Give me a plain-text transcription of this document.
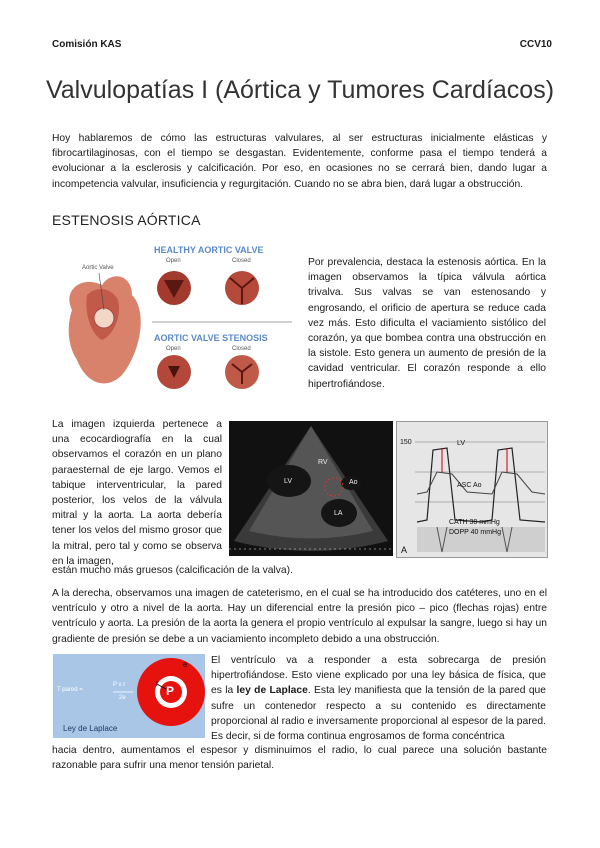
Comisión KAS	CCV10
Valvulopatías I (Aórtica y Tumores Cardíacos)
Hoy hablaremos de cómo las estructuras valvulares, al ser estructuras inicialmente elásticas y fibrocartilaginosas, con el tiempo se desgastan. Evidentemente, conforme pasa el tiempo tenderá a evolucionar a la esclerosis y calcificación. Por eso, en ocasiones no se cerrará bien, dando lugar a incompetencia valvular, insuficiencia y regurgitación. Cuando no se abra bien, dará lugar a obstrucción.
ESTENOSIS AÓRTICA
Aortic Valve
HEALTHY AORTIC VALVE
Open	Closed
AORTIC VALVE STENOSIS
Open	Closed
Por prevalencia, destaca la estenosis aórtica. En la imagen observamos la típica válvula aórtica trivalva. Sus valvas se van estenosando y engrosando, el orificio de apertura se reduce cada vez más. Esto dificulta el vaciamiento sistólico del corazón, ya que bombea contra una obstrucción en la sistole. Esto genera un aumento de presión de la cavidad ventricular. El corazón responde a ello hipertrofiándose.
La imagen izquierda pertenece a una ecocardiografía en la cual observamos el corazón en un plano paraesternal de eje largo. Vemos el tabique interventricular, la pared posterior, los velos de la válvula mitral y la aorta. La aorta debería tener los velos del mismo grosor que la mitral, pero tal y como se observa en la imagen,
están mucho más gruesos (calcificación de la valva).
RV
LV	Ao
LA
150	LV
ASC Ao
CATH 38 mmHg
DOPP 40 mmHg
A
A la derecha, observamos una imagen de cateterismo, en el cual se ha introducido dos catéteres, uno en el ventrículo y otro a nivel de la aorta. Hay un diferencial entre la presión pico – pico (flechas rojas) entre ventrículo y aorta. La presión de la aorta la genera el propio ventrículo al expulsar la sangre, luego si hay un gradiente de presión se debe a un vaciamiento incompleto debido a una obstrucción.
T pared =
P x r
2e
r
P
e
Ley de Laplace
El ventrículo va a responder a esta sobrecarga de presión hipertrofiándose. Esto viene explicado por una ley básica de física, que es la ley de Laplace. Esta ley manifiesta que la tensión de la pared que sufre un contenedor respecto a su contenido es directamente proporcional al radio e inversamente proporcional al espesor de la pared. Es decir, si de forma continua engrosamos de forma concéntrica
hacia dentro, aumentamos el espesor y disminuimos el radio, lo cual parece una solución bastante razonable para sufrir una menor tensión parietal.
